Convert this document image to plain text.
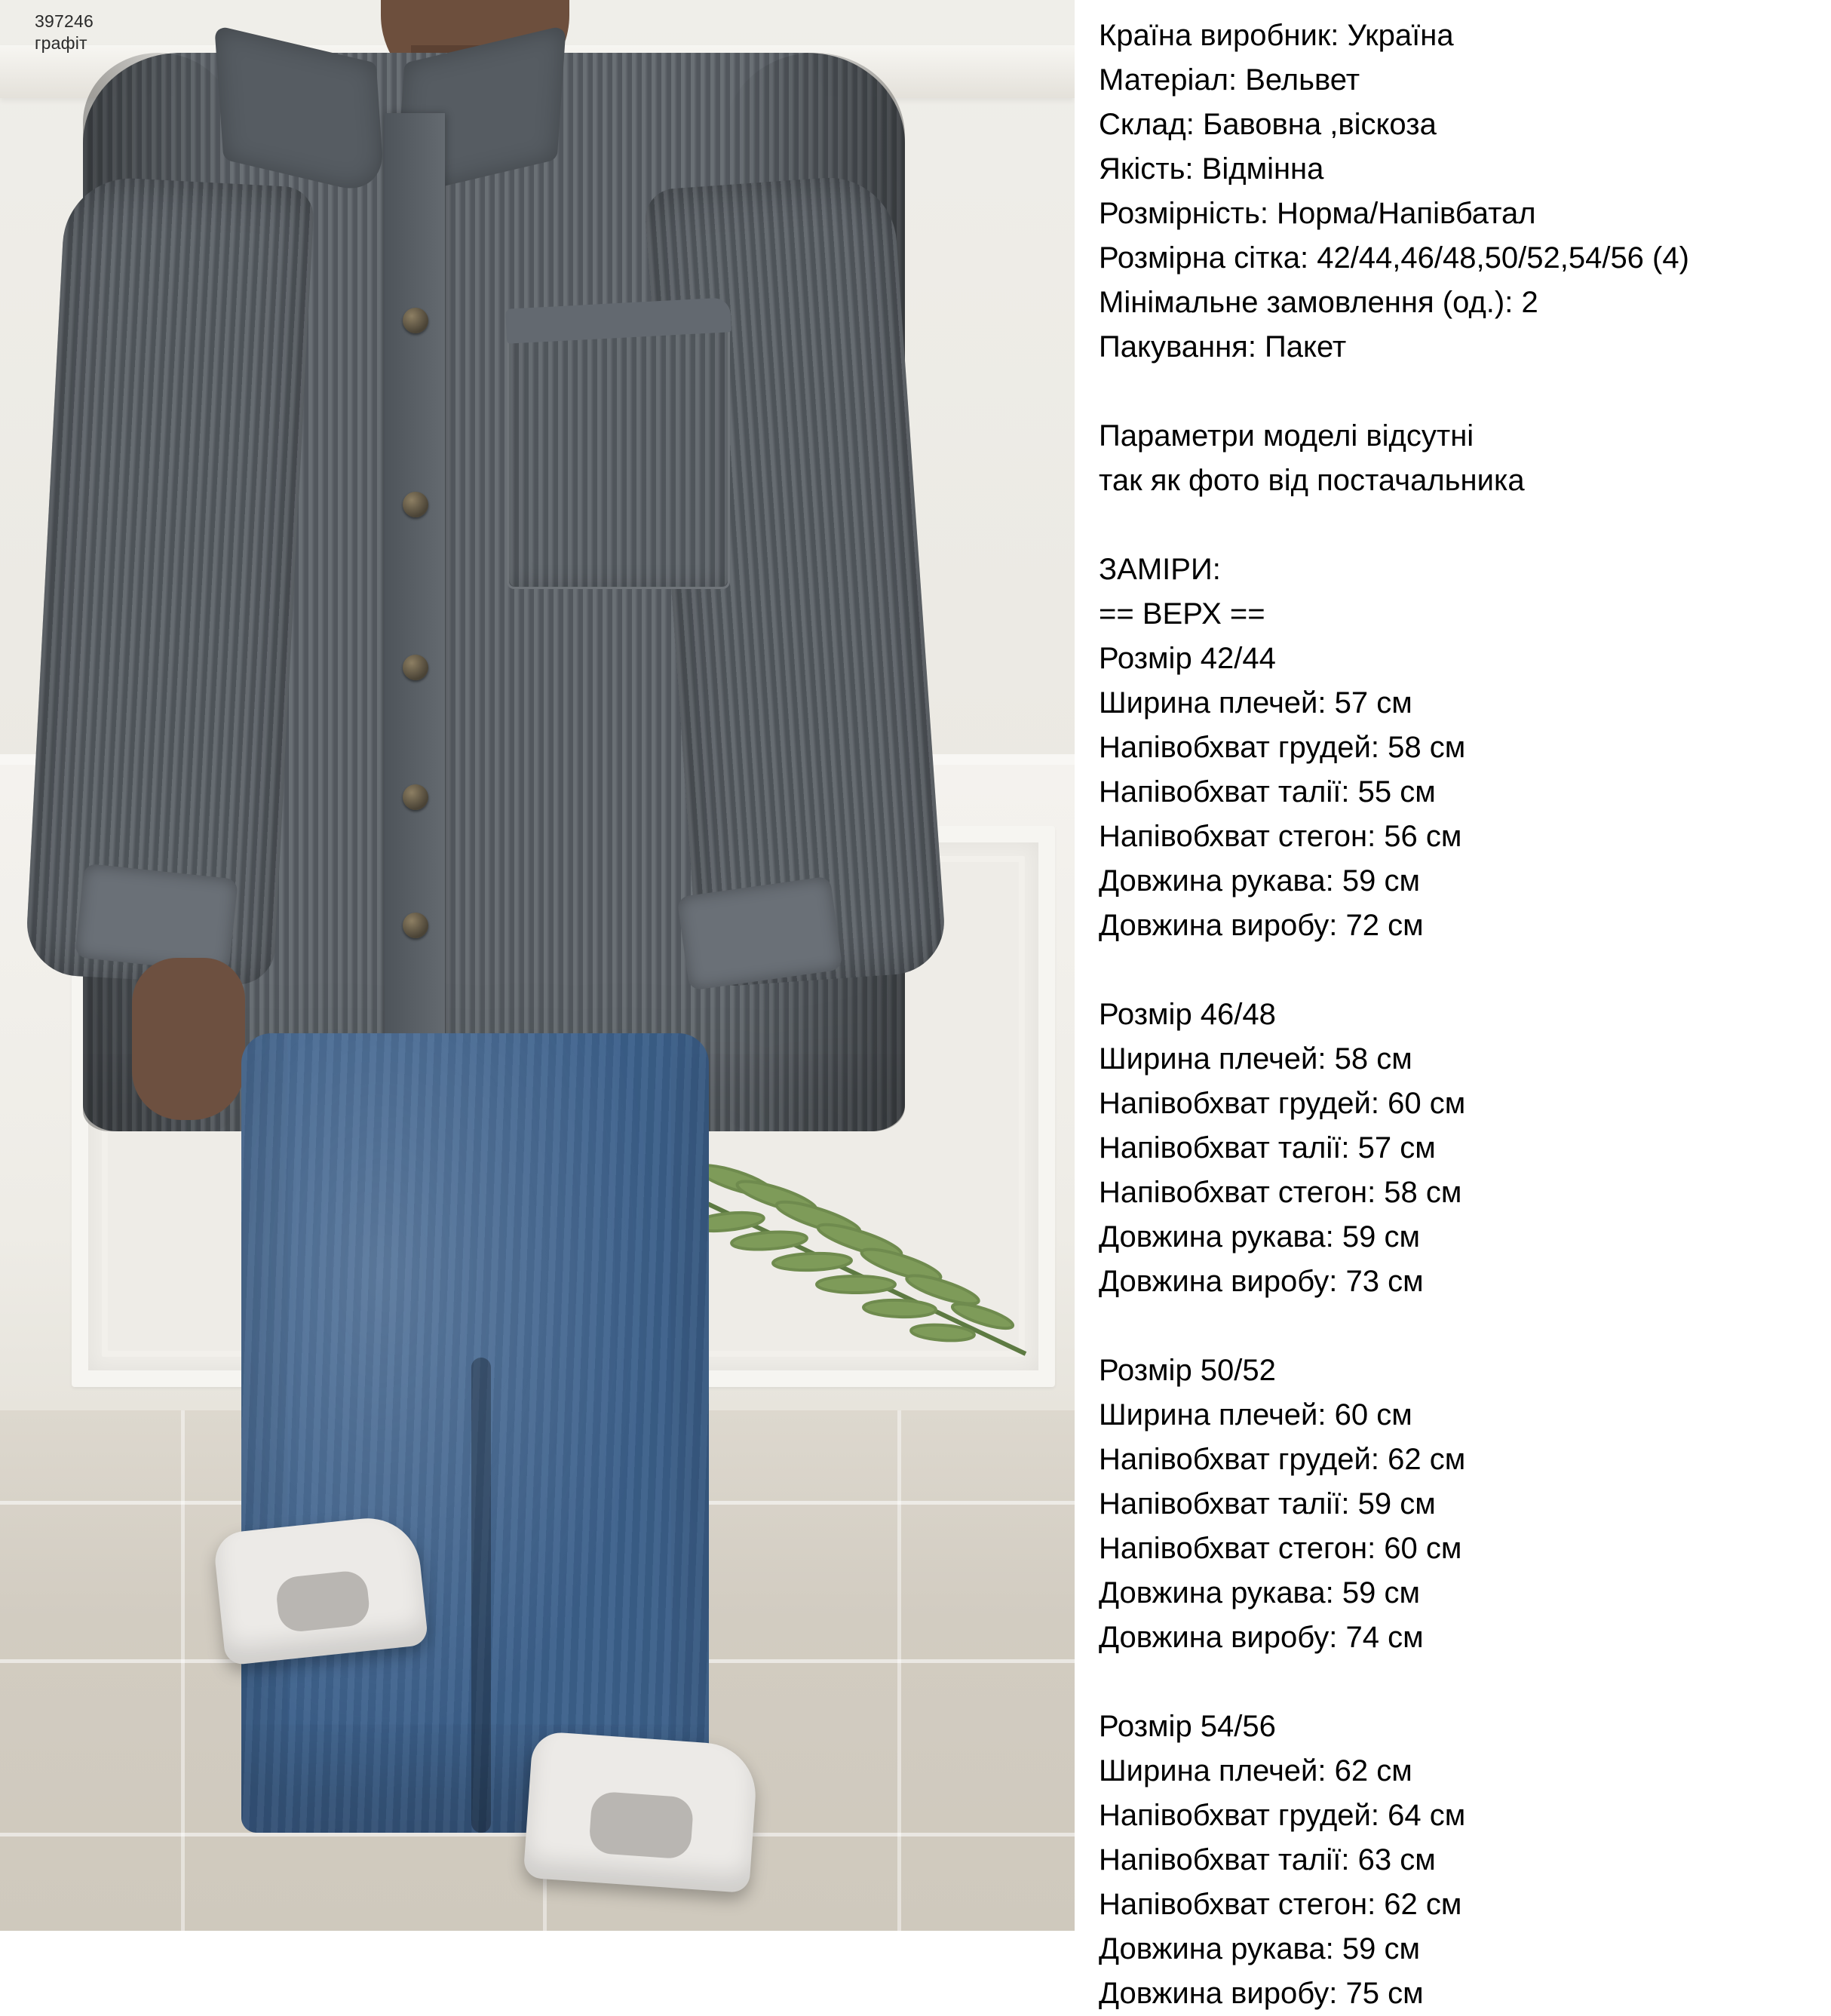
397246
графіт	Країна виробник: Україна
Матеріал: Вельвет
Склад: Бавовна ,віскоза
Якість: Відмінна
Розмірність: Норма/Напівбатал
Розмірна сітка: 42/44,46/48,50/52,54/56 (4)
Мінімальне замовлення (од.): 2
Пакування: Пакет
Параметри моделі відсутні
так як фото від постачальника
ЗАМІРИ:
== ВЕРХ ==
Розмір 42/44
Ширина плечей: 57 см
Напівобхват грудей: 58 см
Напівобхват талії: 55 см
Напівобхват стегон: 56 см
Довжина рукава: 59 см
Довжина виробу: 72 см
Розмір 46/48
Ширина плечей: 58 см
Напівобхват грудей: 60 см
Напівобхват талії: 57 см
Напівобхват стегон: 58 см
Довжина рукава: 59 см
Довжина виробу: 73 см
Розмір 50/52
Ширина плечей: 60 см
Напівобхват грудей: 62 см
Напівобхват талії: 59 см
Напівобхват стегон: 60 см
Довжина рукава: 59 см
Довжина виробу: 74 см
Розмір 54/56
Ширина плечей: 62 см
Напівобхват грудей: 64 см
Напівобхват талії: 63 см
Напівобхват стегон: 62 см
Довжина рукава: 59 см
Довжина виробу: 75 см
